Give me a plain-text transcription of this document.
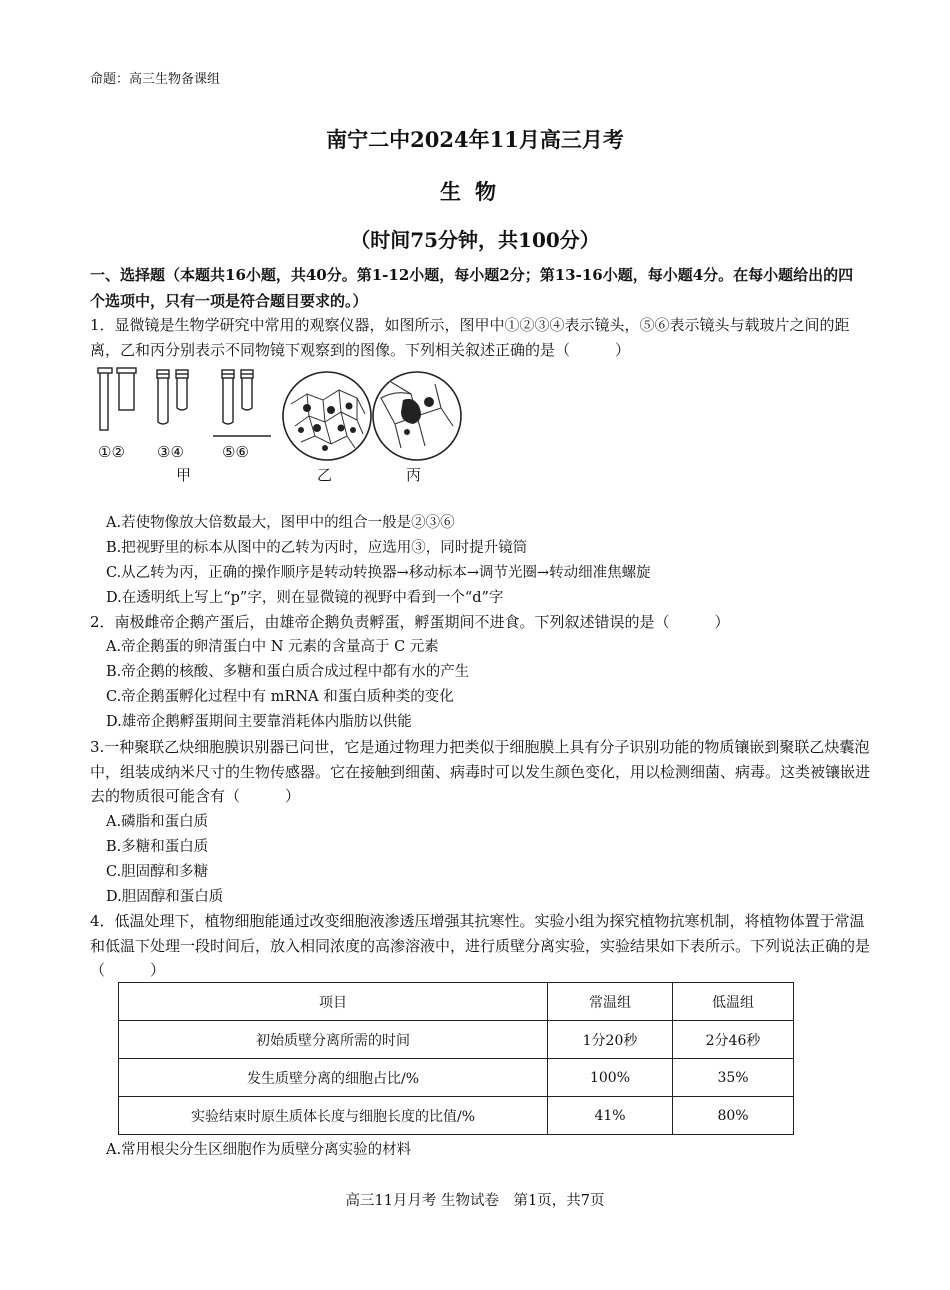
命题：高三生物备课组
南宁二中2024年11月高三月考
生物
（时间75分钟，共100分）
一、选择题（本题共16小题，共40分。第1-12小题，每小题2分；第13-16小题，每小题4分。在每小题给出的四个选项中，只有一项是符合题目要求的。）
1．显微镜是生物学研究中常用的观察仪器，如图所示，图甲中①②③④表示镜头，⑤⑥表示镜头与载玻片之间的距离，乙和丙分别表示不同物镜下观察到的图像。下列相关叙述正确的是（　　　）
①② ③④	⑤⑥
甲	乙	丙
A.若使物像放大倍数最大，图甲中的组合一般是②③⑥
B.把视野里的标本从图中的乙转为丙时，应选用③，同时提升镜筒
C.从乙转为丙，正确的操作顺序是转动转换器→移动标本→调节光圈→转动细准焦螺旋
D.在透明纸上写上“p”字，则在显微镜的视野中看到一个“d”字
2．南极雌帝企鹅产蛋后，由雄帝企鹅负责孵蛋，孵蛋期间不进食。下列叙述错误的是（　　　）
A.帝企鹅蛋的卵清蛋白中 N 元素的含量高于 C 元素
B.帝企鹅的核酸、多糖和蛋白质合成过程中都有水的产生
C.帝企鹅蛋孵化过程中有 mRNA 和蛋白质种类的变化
D.雄帝企鹅孵蛋期间主要靠消耗体内脂肪以供能
3.一种聚联乙炔细胞膜识别器已问世，它是通过物理力把类似于细胞膜上具有分子识别功能的物质镶嵌到聚联乙炔囊泡中，组装成纳米尺寸的生物传感器。它在接触到细菌、病毒时可以发生颜色变化，用以检测细菌、病毒。这类被镶嵌进去的物质很可能含有（　　　）
A.磷脂和蛋白质
B.多糖和蛋白质
C.胆固醇和多糖
D.胆固醇和蛋白质
4．低温处理下，植物细胞能通过改变细胞液渗透压增强其抗寒性。实验小组为探究植物抗寒机制，将植物体置于常温和低温下处理一段时间后，放入相同浓度的高渗溶液中，进行质壁分离实验，实验结果如下表所示。下列说法正确的是（　　　）
项目	常温组	低温组
初始质壁分离所需的时间	1分20秒	2分46秒
发生质壁分离的细胞占比/%	100%	35%
实验结束时原生质体长度与细胞长度的比值/%	41%	80%
A.常用根尖分生区细胞作为质壁分离实验的材料
高三11月月考 生物试卷　第1页，共7页
